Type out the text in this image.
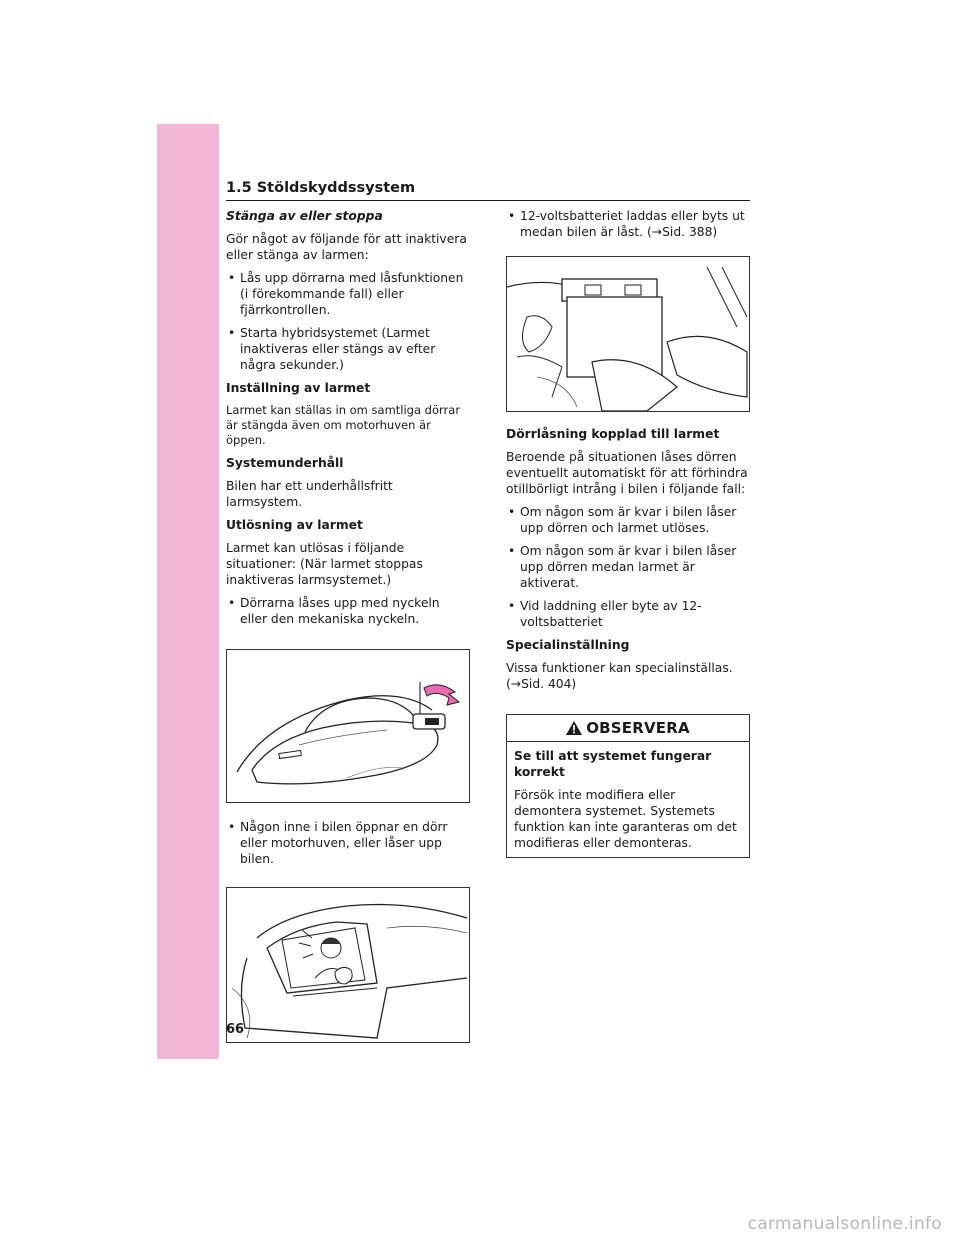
1.5 Stöldskyddssystem

Stänga av eller stoppa

Gör något av följande för att inaktivera eller stänga av larmen:

• Lås upp dörrarna med låsfunktionen (i förekommande fall) eller fjärrkontrollen.

• Starta hybridsystemet (Larmet inaktiveras eller stängs av efter några sekunder.)

Inställning av larmet

Larmet kan ställas in om samtliga dörrar är stängda även om motorhuven är öppen.

Systemunderhåll

Bilen har ett underhållsfritt larmsystem.

Utlösning av larmet

Larmet kan utlösas i följande situationer: (När larmet stoppas inaktiveras larmsystemet.)

• Dörrarna låses upp med nyckeln eller den mekaniska nyckeln.

• Någon inne i bilen öppnar en dörr eller motorhuven, eller låser upp bilen.

• 12-voltsbatteriet laddas eller byts ut medan bilen är låst. (→Sid. 388)

Dörrlåsning kopplad till larmet

Beroende på situationen låses dörren eventuellt automatiskt för att förhindra otillbörligt intrång i bilen i följande fall:

• Om någon som är kvar i bilen låser upp dörren och larmet utlöses.

• Om någon som är kvar i bilen låser upp dörren medan larmet är aktiverat.

• Vid laddning eller byte av 12-voltsbatteriet

Specialinställning

Vissa funktioner kan specialinställas. (→Sid. 404)

OBSERVERA

Se till att systemet fungerar korrekt

Försök inte modifiera eller demontera systemet. Systemets funktion kan inte garanteras om det modifieras eller demonteras.

66
carmanualsonline.info
